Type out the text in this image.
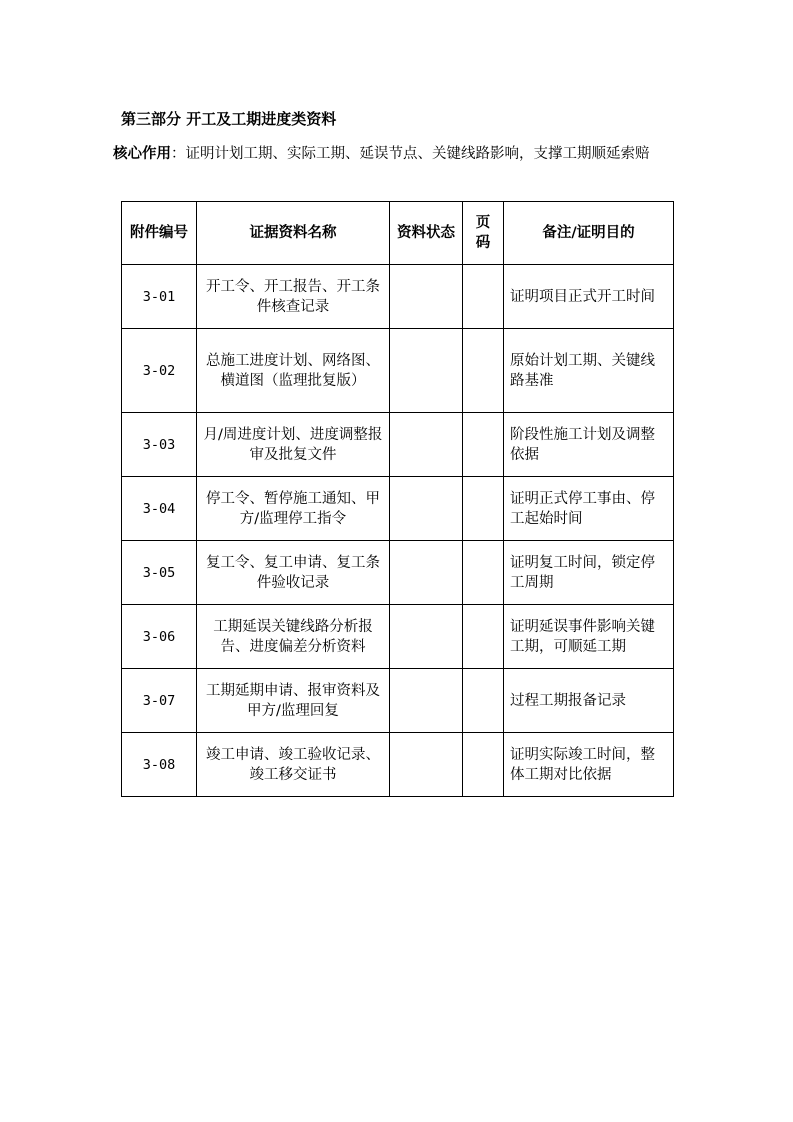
第三部分 开工及工期进度类资料
核心作用：证明计划工期、实际工期、延误节点、关键线路影响，支撑工期顺延索赔
附件编号	证据资料名称	资料状态	页码	备注/证明目的
3-01	开工令、开工报告、开工条件核查记录			证明项目正式开工时间
3-02	总施工进度计划、网络图、横道图（监理批复版）			原始计划工期、关键线路基准
3-03	月/周进度计划、进度调整报审及批复文件			阶段性施工计划及调整依据
3-04	停工令、暂停施工通知、甲方/监理停工指令			证明正式停工事由、停工起始时间
3-05	复工令、复工申请、复工条件验收记录			证明复工时间，锁定停工周期
3-06	工期延误关键线路分析报告、进度偏差分析资料			证明延误事件影响关键工期，可顺延工期
3-07	工期延期申请、报审资料及甲方/监理回复			过程工期报备记录
3-08	竣工申请、竣工验收记录、竣工移交证书			证明实际竣工时间，整体工期对比依据
